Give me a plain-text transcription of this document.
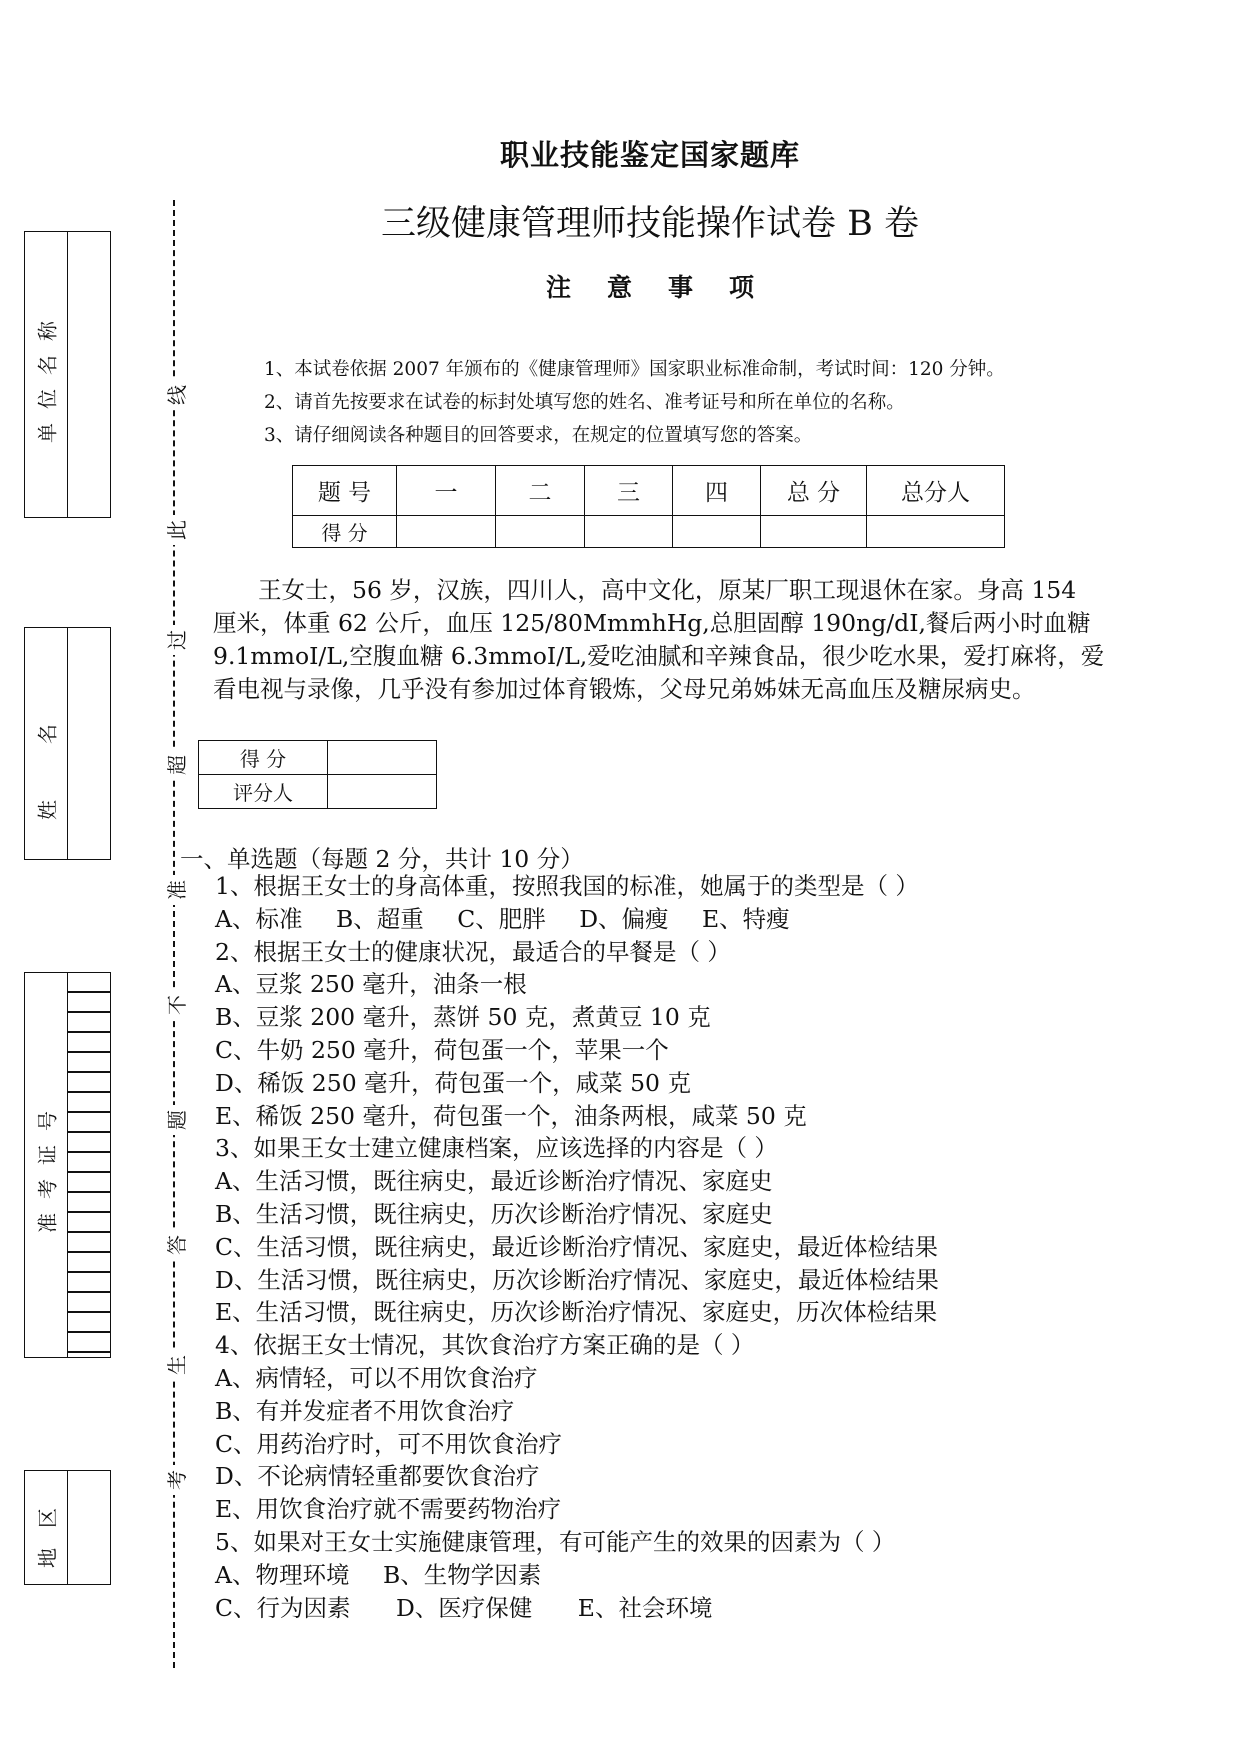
单位名称
姓名
准考证号
地区
线
此
过
超
准
不
题
答
生
考
职业技能鉴定国家题库
三级健康管理师技能操作试卷 B 卷
注意事项
1、本试卷依据 2007 年颁布的《健康管理师》国家职业标准命制，考试时间：120 分钟。
2、请首先按要求在试卷的标封处填写您的姓名、准考证号和所在单位的名称。
3、请仔细阅读各种题目的回答要求，在规定的位置填写您的答案。
题 号	一	二	三	四	总 分	总分人
得 分						

王女士，56 岁，汉族，四川人，高中文化，原某厂职工现退休在家。身高 154

厘米，体重 62 公斤，血压 125/80MmmhHg,总胆固醇 190ng/dI,餐后两小时血糖

9.1mmoI/L,空腹血糖 6.3mmoI/L,爱吃油腻和辛辣食品，很少吃水果，爱打麻将，爱

看电视与录像，几乎没有参加过体育锻炼，父母兄弟姊妹无高血压及糖尿病史。

得 分	
评分人	
一、单选题（每题 2 分，共计 10 分）
1、根据王女士的身高体重，按照我国的标准，她属于的类型是（ ）
A、标准 B、超重 C、肥胖 D、偏瘦 E、特瘦
2、根据王女士的健康状况，最适合的早餐是（ ）
A、豆浆 250 毫升，油条一根
B、豆浆 200 毫升，蒸饼 50 克，煮黄豆 10 克
C、牛奶 250 毫升，荷包蛋一个，苹果一个
D、稀饭 250 毫升，荷包蛋一个，咸菜 50 克
E、稀饭 250 毫升，荷包蛋一个，油条两根，咸菜 50 克
3、如果王女士建立健康档案，应该选择的内容是（ ）
A、生活习惯，既往病史，最近诊断治疗情况、家庭史
B、生活习惯，既往病史，历次诊断治疗情况、家庭史
C、生活习惯，既往病史，最近诊断治疗情况、家庭史，最近体检结果
D、生活习惯，既往病史，历次诊断治疗情况、家庭史，最近体检结果
E、生活习惯，既往病史，历次诊断治疗情况、家庭史，历次体检结果
4、依据王女士情况，其饮食治疗方案正确的是（ ）
A、病情轻，可以不用饮食治疗
B、有并发症者不用饮食治疗
C、用药治疗时，可不用饮食治疗
D、不论病情轻重都要饮食治疗
E、用饮食治疗就不需要药物治疗
5、如果对王女士实施健康管理，有可能产生的效果的因素为（ ）
A、物理环境 B、生物学因素
C、行为因素 D、医疗保健 E、社会环境
